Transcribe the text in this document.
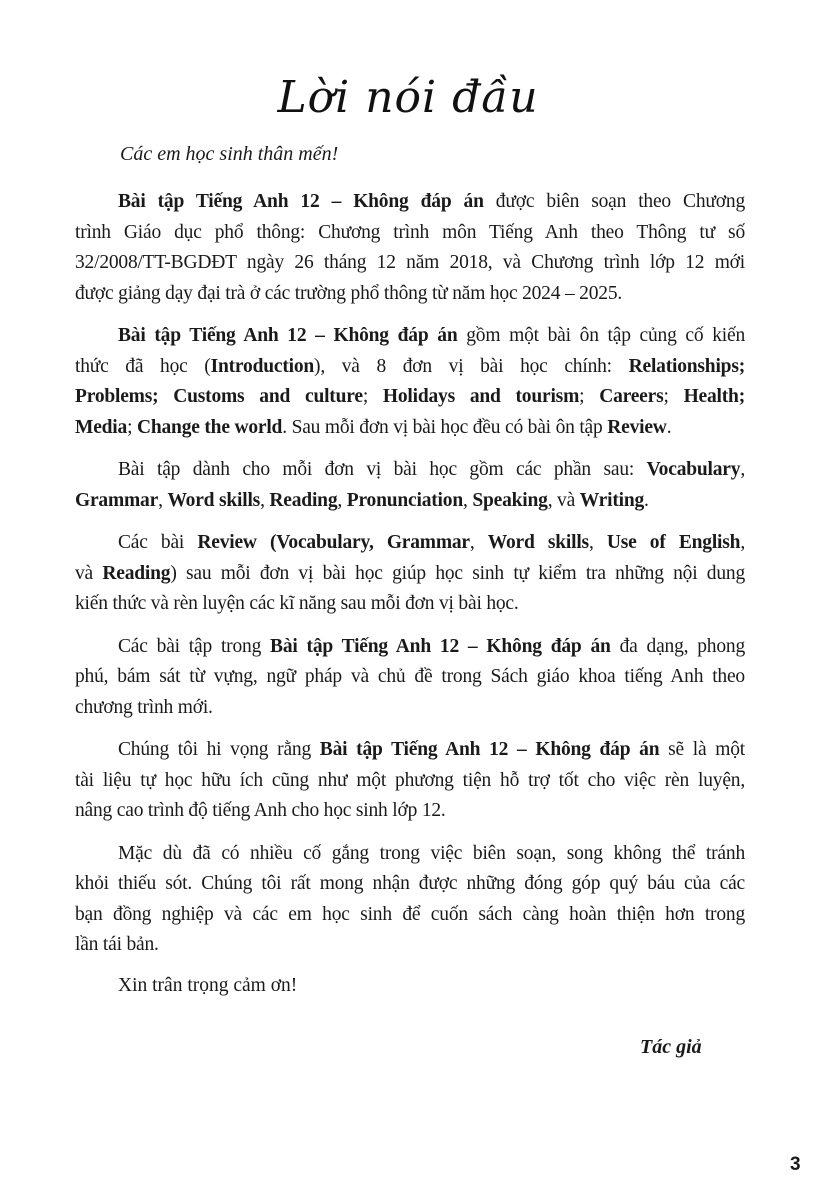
Lời nói đầu
Các em học sinh thân mến!
Bài tập Tiếng Anh 12 – Không đáp án được biên soạn theo Chương
trình Giáo dục phổ thông: Chương trình môn Tiếng Anh theo Thông tư số
32/2008/TT-BGDĐT ngày 26 tháng 12 năm 2018, và Chương trình lớp 12 mới
được giảng dạy đại trà ở các trường phổ thông từ năm học 2024 – 2025.
Bài tập Tiếng Anh 12 – Không đáp án gồm một bài ôn tập củng cố kiến
thức đã học (Introduction), và 8 đơn vị bài học chính: Relationships;
Problems; Customs and culture; Holidays and tourism; Careers; Health;
Media; Change the world. Sau mỗi đơn vị bài học đều có bài ôn tập Review.
Bài tập dành cho mỗi đơn vị bài học gồm các phần sau: Vocabulary,
Grammar, Word skills, Reading, Pronunciation, Speaking, và Writing.
Các bài Review (Vocabulary, Grammar, Word skills, Use of English,
và Reading) sau mỗi đơn vị bài học giúp học sinh tự kiểm tra những nội dung
kiến thức và rèn luyện các kĩ năng sau mỗi đơn vị bài học.
Các bài tập trong Bài tập Tiếng Anh 12 – Không đáp án đa dạng, phong
phú, bám sát từ vựng, ngữ pháp và chủ đề trong Sách giáo khoa tiếng Anh theo
chương trình mới.
Chúng tôi hi vọng rằng Bài tập Tiếng Anh 12 – Không đáp án sẽ là một
tài liệu tự học hữu ích cũng như một phương tiện hỗ trợ tốt cho việc rèn luyện,
nâng cao trình độ tiếng Anh cho học sinh lớp 12.
Mặc dù đã có nhiều cố gắng trong việc biên soạn, song không thể tránh
khỏi thiếu sót. Chúng tôi rất mong nhận được những đóng góp quý báu của các
bạn đồng nghiệp và các em học sinh để cuốn sách càng hoàn thiện hơn trong
lần tái bản.
Xin trân trọng cảm ơn!
Tác giả
3
